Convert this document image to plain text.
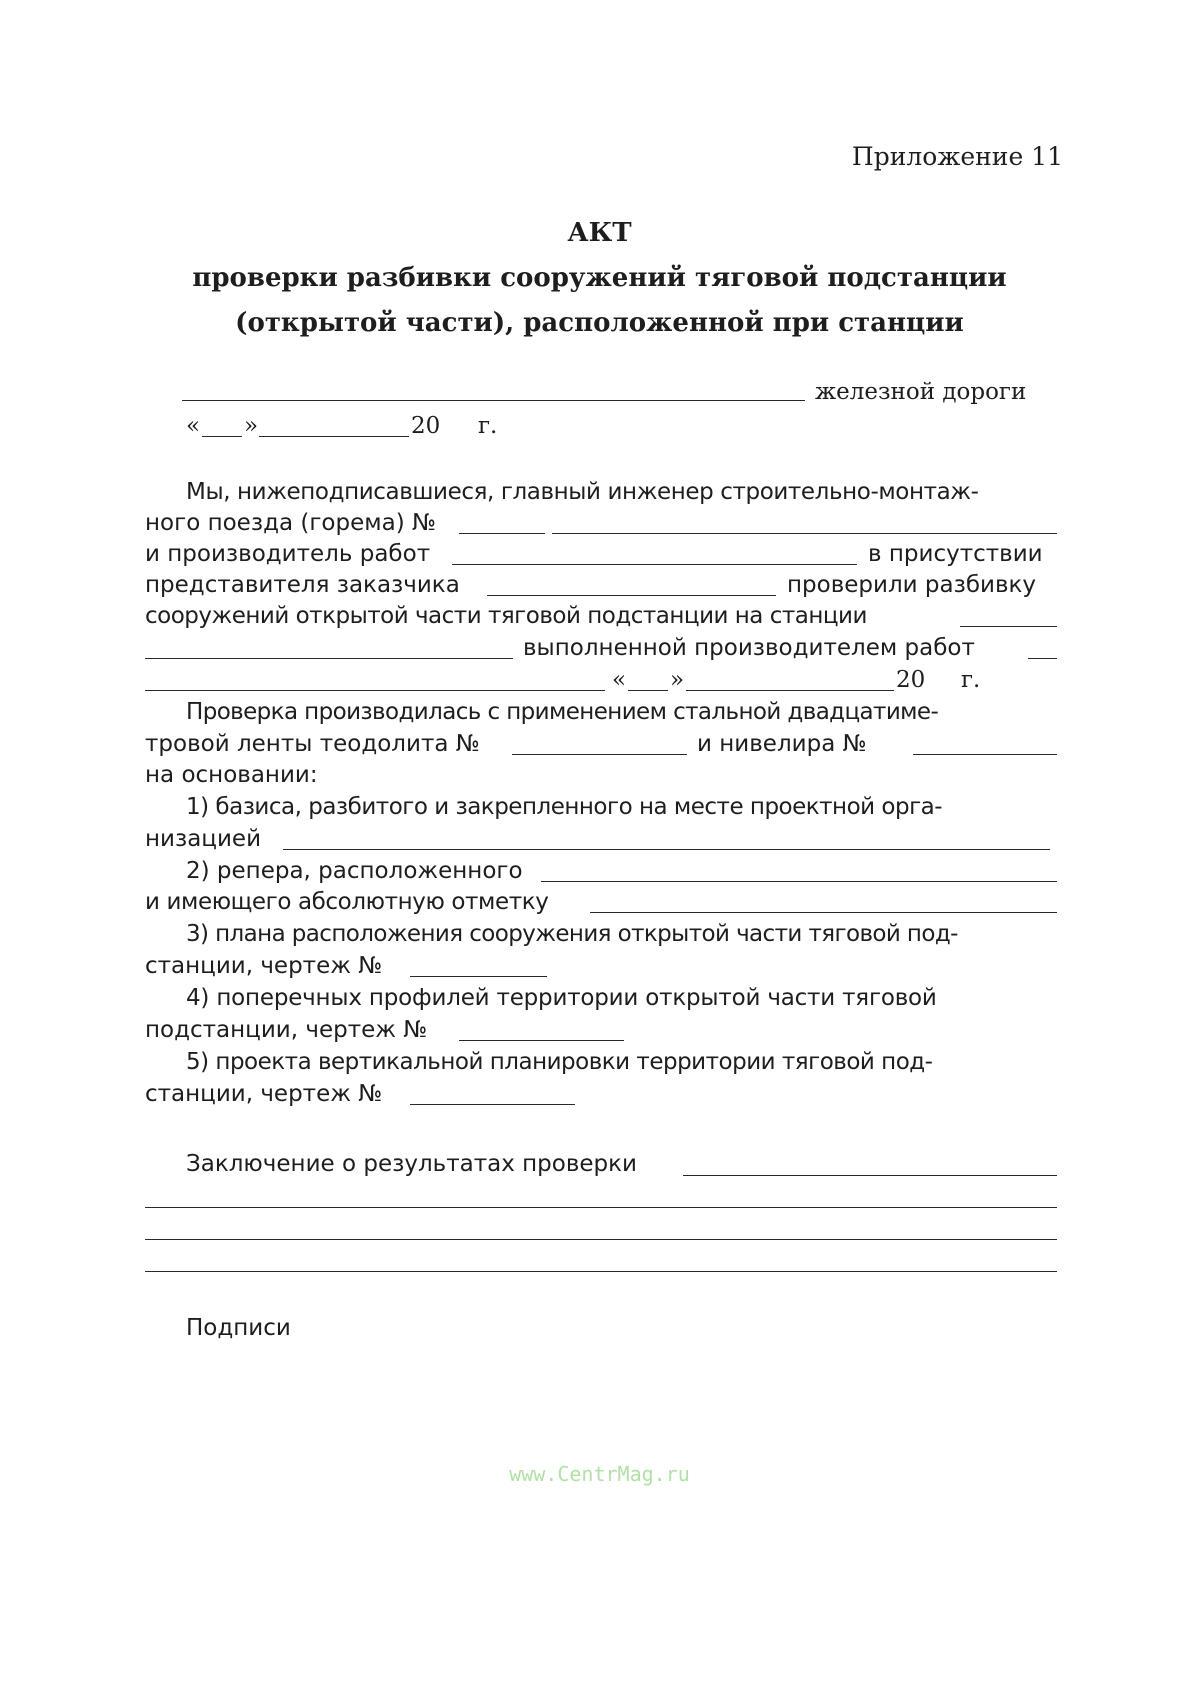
Приложение 11
АКТ
проверки разбивки сооружений тяговой подстанции
(открытой части), расположенной при станции
железной дороги
« »	20 г.
Мы, нижеподписавшиеся, главный инженер строительно-монтаж-
ного поезда (горема) №
и производитель работ	в присутствии
представителя заказчика	проверили разбивку
сооружений открытой части тяговой подстанции на станции
выполненной производителем работ
« »	20 г.
Проверка производилась с применением стальной двадцатиме-
тровой ленты теодолита №	и нивелира №
на основании:
1) базиса, разбитого и закрепленного на месте проектной орга-
низацией
2) репера, расположенного
и имеющего абсолютную отметку
3) плана расположения сооружения открытой части тяговой под-
станции, чертеж №
4) поперечных профилей территории открытой части тяговой
подстанции, чертеж №
5) проекта вертикальной планировки территории тяговой под-
станции, чертеж №
Заключение о результатах проверки
Подписи
www.CentrMag.ru
